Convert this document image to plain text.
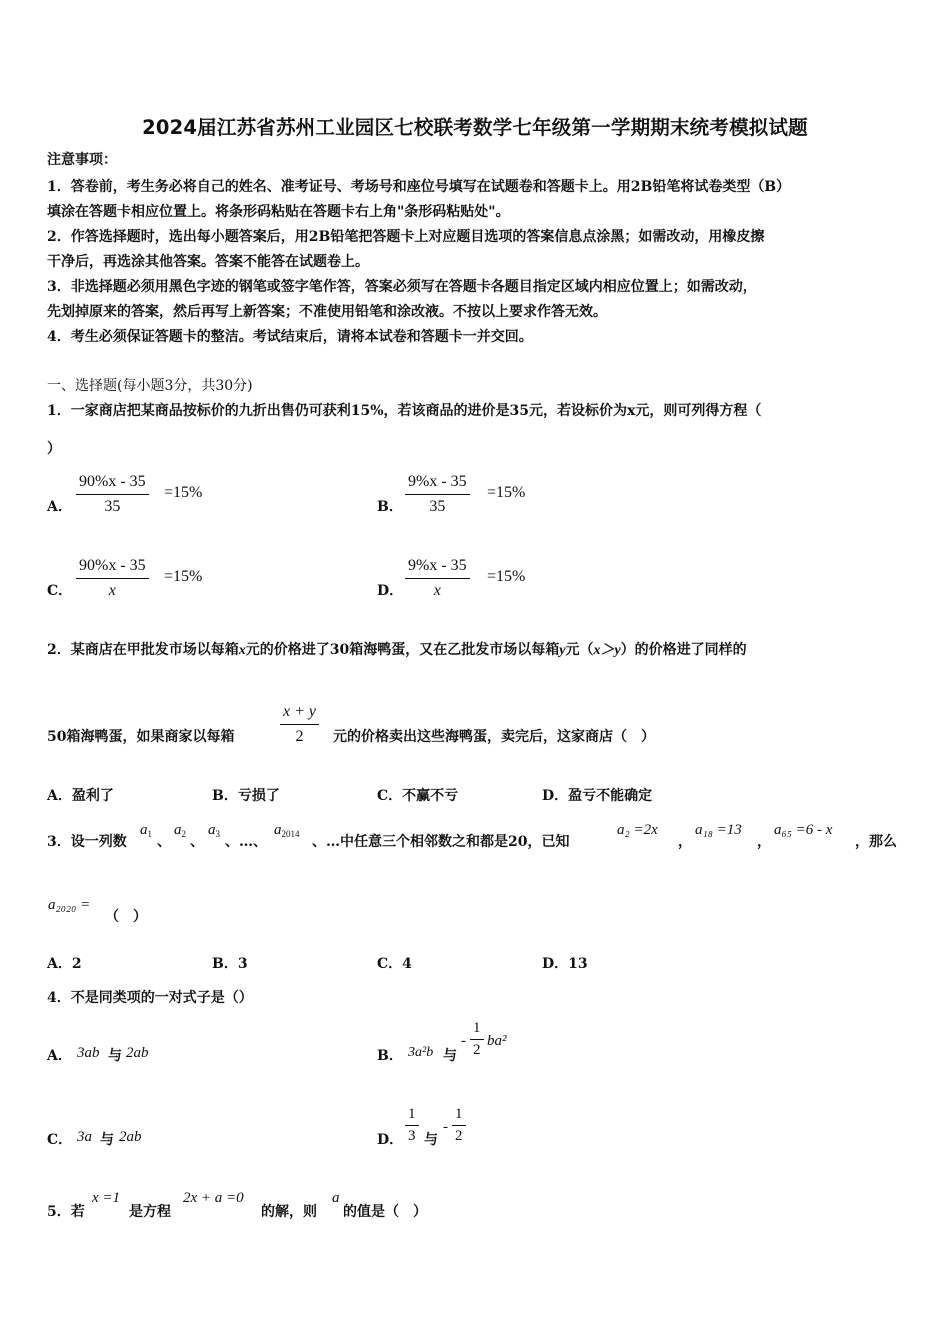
2024届江苏省苏州工业园区七校联考数学七年级第一学期期末统考模拟试题
注意事项：
1．答卷前，考生务必将自己的姓名、准考证号、考场号和座位号填写在试题卷和答题卡上。用2B铅笔将试卷类型（B）
填涂在答题卡相应位置上。将条形码粘贴在答题卡右上角"条形码粘贴处"。
2．作答选择题时，选出每小题答案后，用2B铅笔把答题卡上对应题目选项的答案信息点涂黑；如需改动，用橡皮擦
干净后，再选涂其他答案。答案不能答在试题卷上。
3．非选择题必须用黑色字迹的钢笔或签字笔作答，答案必须写在答题卡各题目指定区域内相应位置上；如需改动，
先划掉原来的答案，然后再写上新答案；不准使用铅笔和涂改液。不按以上要求作答无效。
4．考生必须保证答题卡的整洁。考试结束后，请将本试卷和答题卡一并交回。
一、选择题(每小题3分，共30分)
1．一家商店把某商品按标价的九折出售仍可获利15%，若该商品的进价是35元，若设标价为x元，则可列得方程（
）
A．
90%x - 35
35
=15%
B．
9%x - 35
35
=15%
C．
90%x - 35
x
=15%
D．
9%x - 35
x
=15%
2．某商店在甲批发市场以每箱x元的价格进了30箱海鸭蛋，又在乙批发市场以每箱y元（x＞y）的价格进了同样的
x + y
2
50箱海鸭蛋，如果商家以每箱	元的价格卖出这些海鸭蛋，卖完后，这家商店（　）
A．盈利了	B．亏损了	C．不赢不亏	D．盈亏不能确定
3．设一列数
$a_1$ 、
$a_2$ 、
$a_3$ 、…、
$a_{2014}$ 、…中任意三个相邻数之和都是20，已知
a₂ =2x
，
a₁₈ =13
，
a₆₅ =6 - x
，那么
a₂₀₂₀ =
（　）
A．2	B．3	C．4	D．13
4．不是同类项的一对式子是（）
A． 3ab 与 2ab	B． 3a²b 与
-
1
2
ba²
C． 3a 与 2ab	D．
1
3 与
-
1
2
5．若
x =1
是方程
2x + a =0
的解，则
a
的值是（　）
